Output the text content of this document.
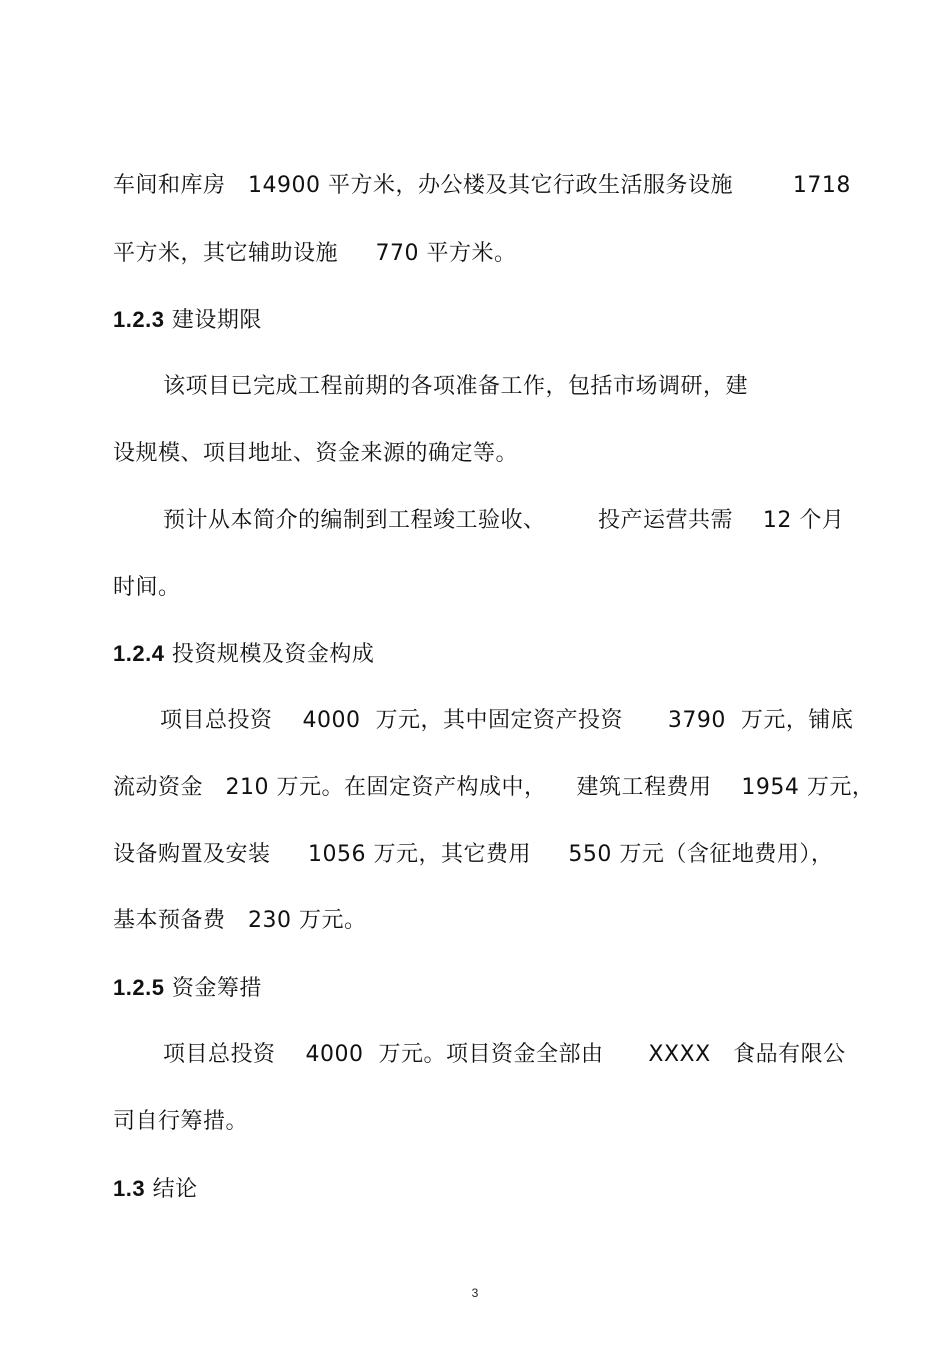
车间和库房   14900 平方米，办公楼及其它行政生活服务设施        1718
平方米，其它辅助设施     770 平方米。
1.2.3 建设期限
该项目已完成工程前期的各项准备工作，包括市场调研，建
设规模、项目地址、资金来源的确定等。
预计从本简介的编制到工程竣工验收、       投产运营共需    12 个月
时间。
1.2.4 投资规模及资金构成
项目总投资    4000  万元，其中固定资产投资      3790  万元，铺底
流动资金   210 万元。在固定资产构成中，    建筑工程费用    1954 万元，
设备购置及安装     1056 万元，其它费用     550 万元（含征地费用），
基本预备费   230 万元。
1.2.5 资金筹措
项目总投资    4000  万元。项目资金全部由      XXXX   食品有限公
司自行筹措。
1.3 结论
3
